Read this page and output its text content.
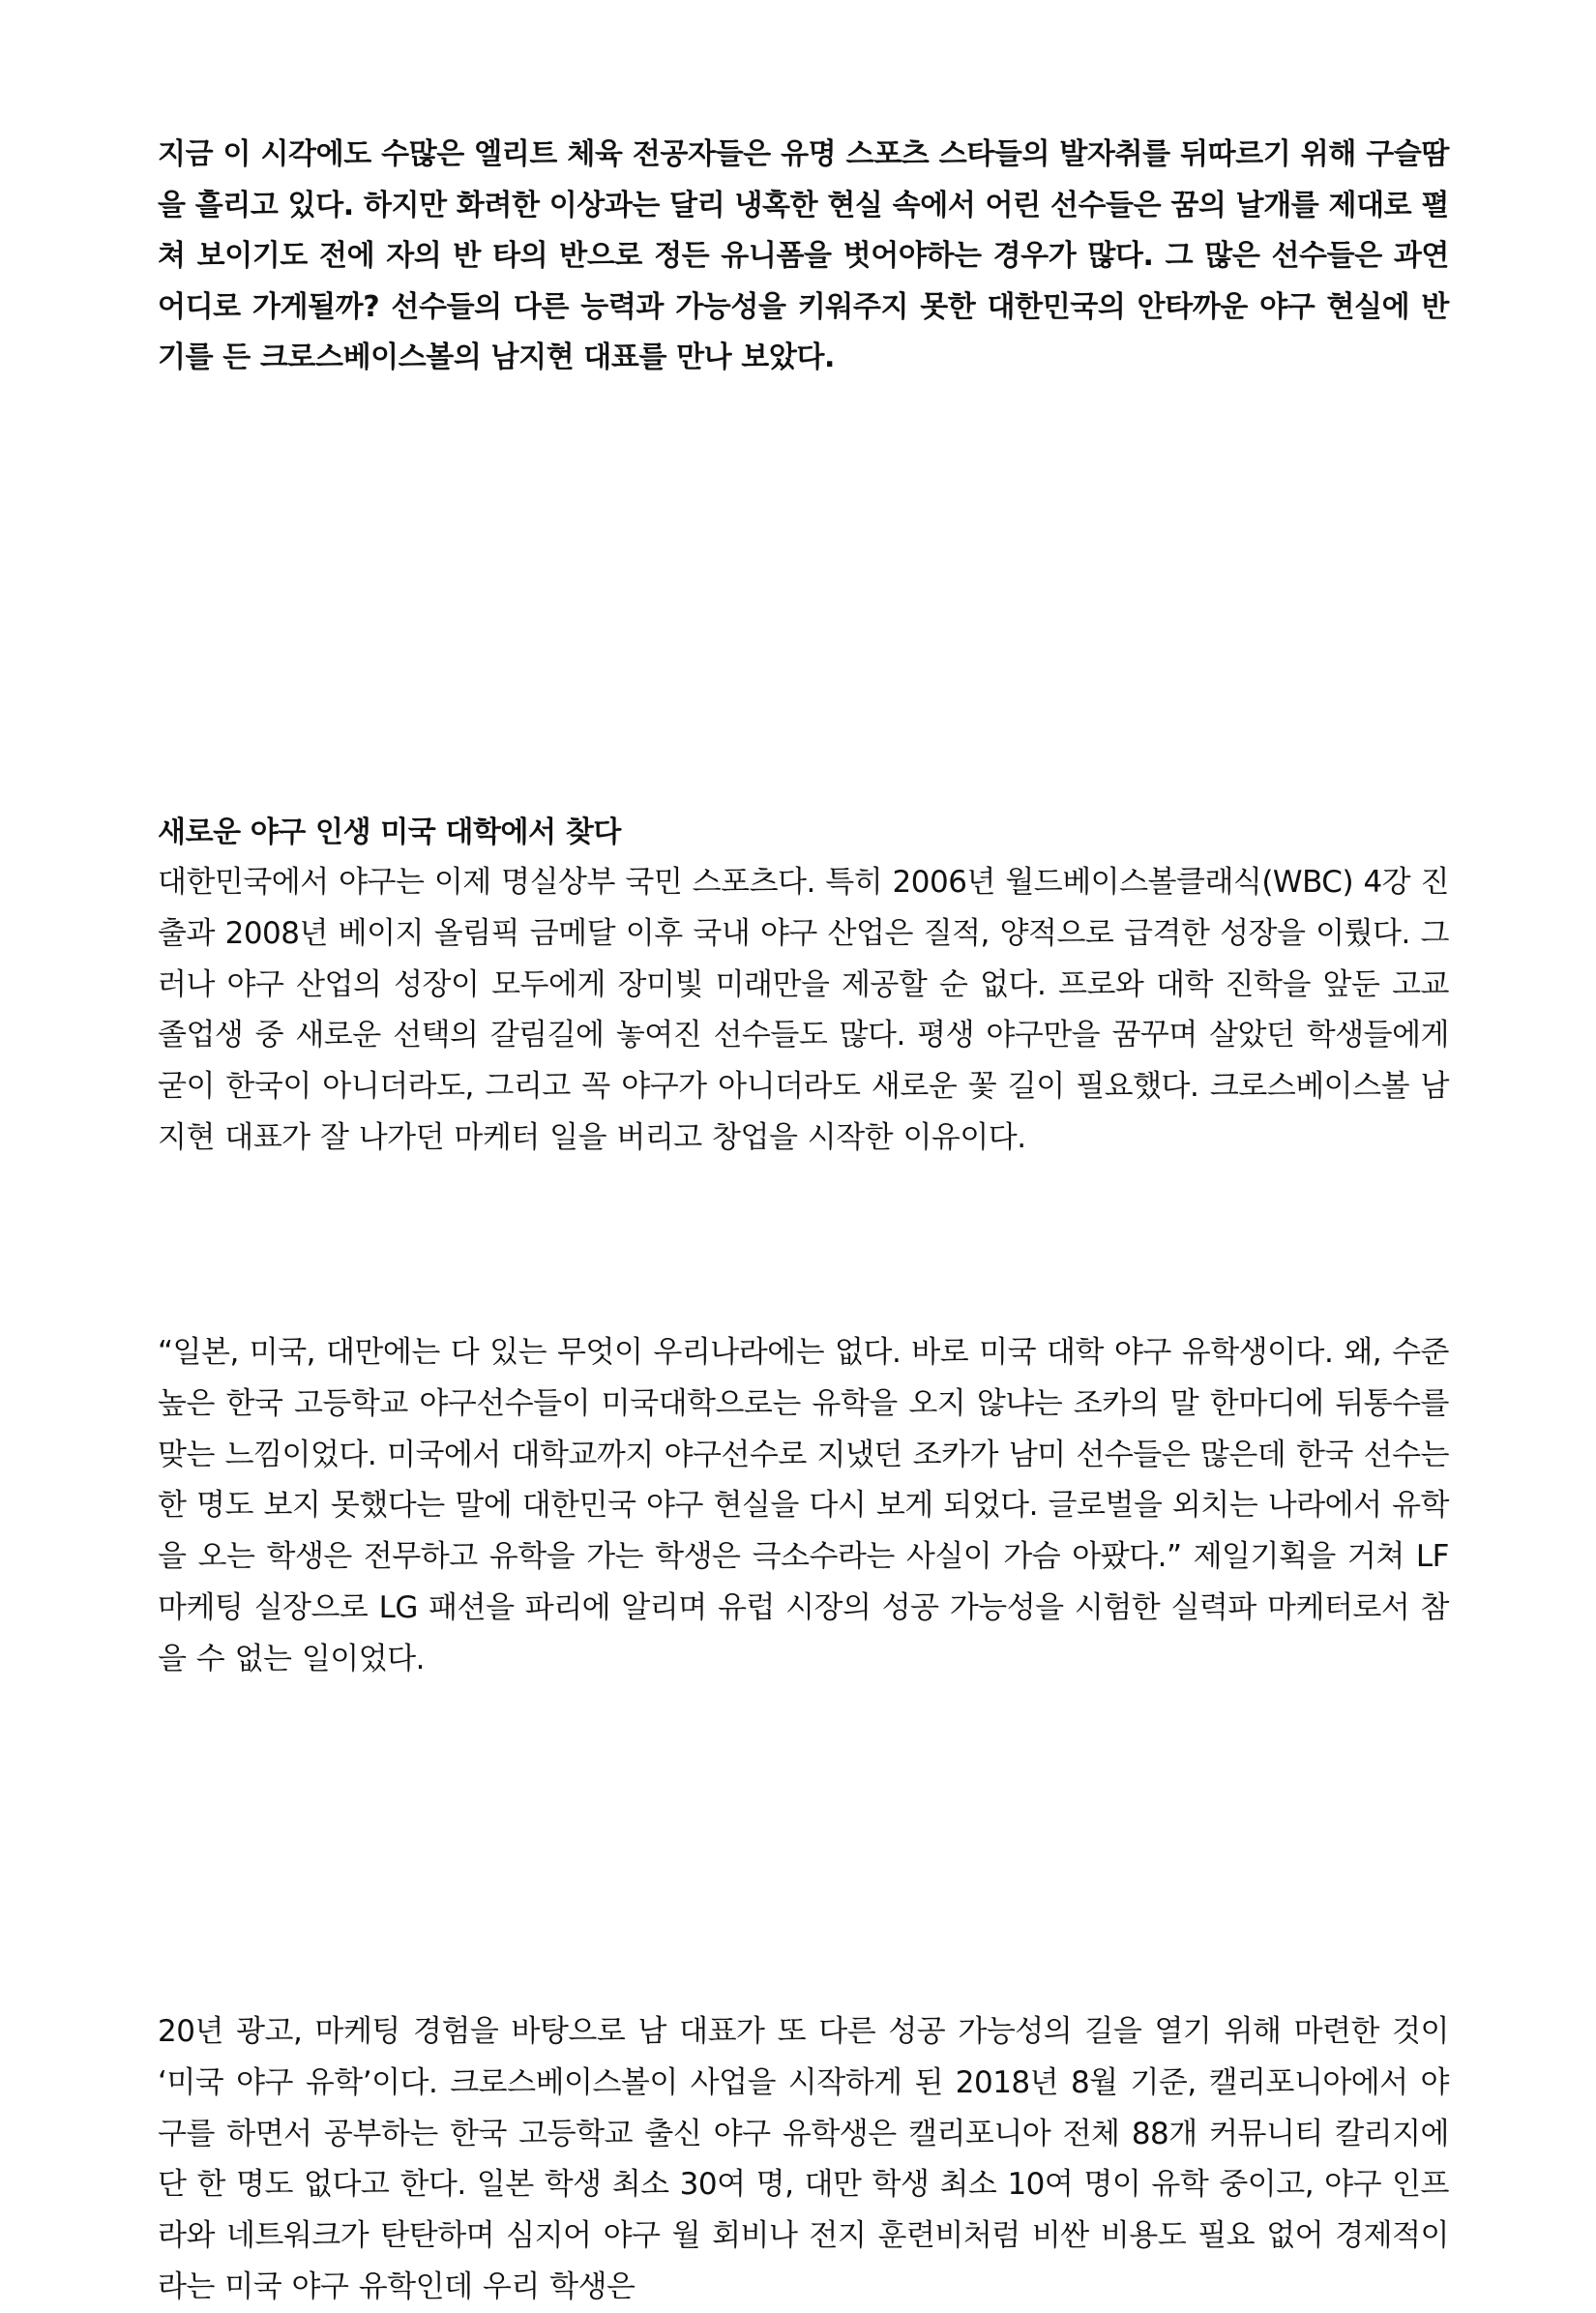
지금 이 시각에도 수많은 엘리트 체육 전공자들은 유명 스포츠 스타들의 발자취를 뒤따르기 위해 구슬땀을 흘리고 있다. 하지만 화려한 이상과는 달리 냉혹한 현실 속에서 어린 선수들은 꿈의 날개를 제대로 펼쳐 보이기도 전에 자의 반 타의 반으로 정든 유니폼을 벗어야하는 경우가 많다. 그 많은 선수들은 과연 어디로 가게될까? 선수들의 다른 능력과 가능성을 키워주지 못한 대한민국의 안타까운 야구 현실에 반기를 든 크로스베이스볼의 남지현 대표를 만나 보았다.

새로운 야구 인생 미국 대학에서 찾다

대한민국에서 야구는 이제 명실상부 국민 스포츠다. 특히 2006년 월드베이스볼클래식(WBC) 4강 진출과 2008년 베이지 올림픽 금메달 이후 국내 야구 산업은 질적, 양적으로 급격한 성장을 이뤘다. 그러나 야구 산업의 성장이 모두에게 장미빛 미래만을 제공할 순 없다. 프로와 대학 진학을 앞둔 고교 졸업생 중 새로운 선택의 갈림길에 놓여진 선수들도 많다. 평생 야구만을 꿈꾸며 살았던 학생들에게 굳이 한국이 아니더라도, 그리고 꼭 야구가 아니더라도 새로운 꽃 길이 필요했다. 크로스베이스볼 남지현 대표가 잘 나가던 마케터 일을 버리고 창업을 시작한 이유이다.

“일본, 미국, 대만에는 다 있는 무엇이 우리나라에는 없다. 바로 미국 대학 야구 유학생이다. 왜, 수준 높은 한국 고등학교 야구선수들이 미국대학으로는 유학을 오지 않냐는 조카의 말 한마디에 뒤통수를 맞는 느낌이었다. 미국에서 대학교까지 야구선수로 지냈던 조카가 남미 선수들은 많은데 한국 선수는 한 명도 보지 못했다는 말에 대한민국 야구 현실을 다시 보게 되었다. 글로벌을 외치는 나라에서 유학을 오는 학생은 전무하고 유학을 가는 학생은 극소수라는 사실이 가슴 아팠다.” 제일기획을 거쳐 LF 마케팅 실장으로 LG 패션을 파리에 알리며 유럽 시장의 성공 가능성을 시험한 실력파 마케터로서 참을 수 없는 일이었다.

20년 광고, 마케팅 경험을 바탕으로 남 대표가 또 다른 성공 가능성의 길을 열기 위해 마련한 것이 ‘미국 야구 유학’이다. 크로스베이스볼이 사업을 시작하게 된 2018년 8월 기준, 캘리포니아에서 야구를 하면서 공부하는 한국 고등학교 출신 야구 유학생은 캘리포니아 전체 88개 커뮤니티 칼리지에 단 한 명도 없다고 한다. 일본 학생 최소 30여 명, 대만 학생 최소 10여 명이 유학 중이고, 야구 인프라와 네트워크가 탄탄하며 심지어 야구 월 회비나 전지 훈련비처럼 비싼 비용도 필요 없어 경제적이라는 미국 야구 유학인데 우리 학생은
